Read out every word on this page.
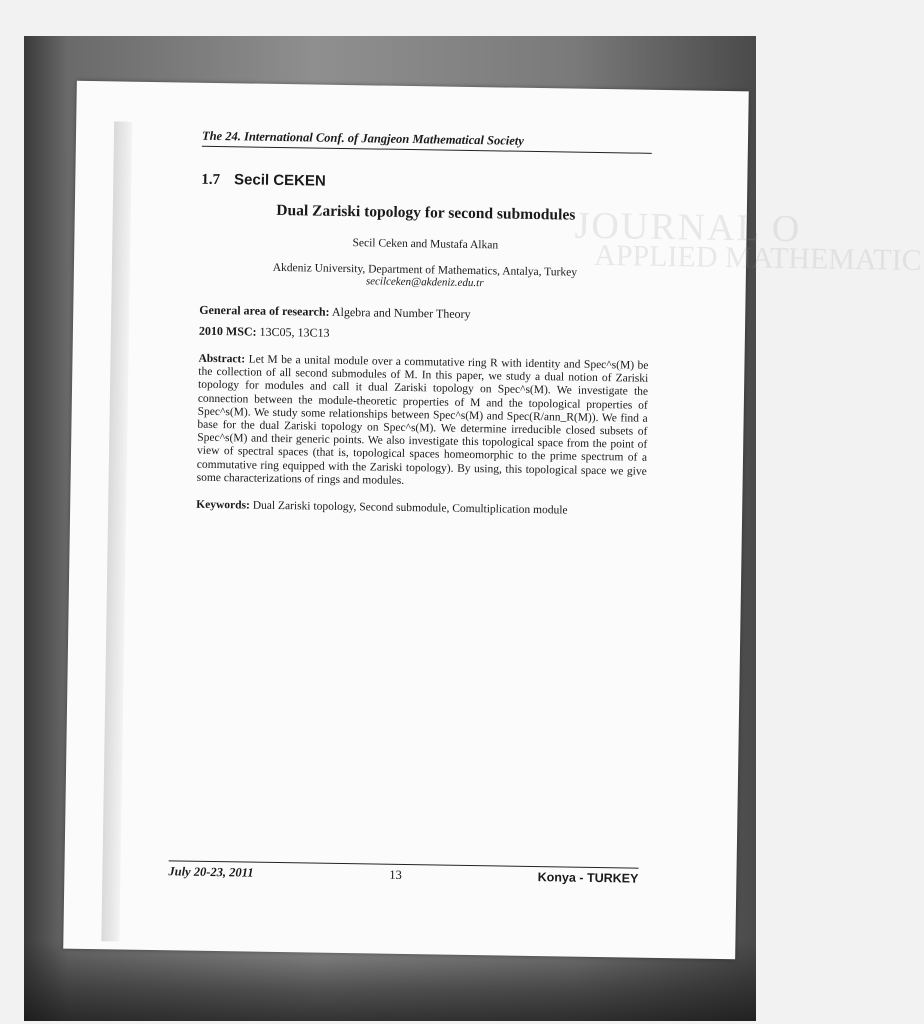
JOURNAL O
APPLIED MATHEMATIC
The 24. International Conf. of Jangjeon Mathematical Society
1.7 Secil CEKEN
Dual Zariski topology for second submodules
Secil Ceken and Mustafa Alkan
Akdeniz University, Department of Mathematics, Antalya, Turkey
secilceken@akdeniz.edu.tr
General area of research: Algebra and Number Theory
2010 MSC: 13C05, 13C13
Abstract: Let M be a unital module over a commutative ring R with identity and Spec^s(M) be the collection of all second submodules of M. In this paper, we study a dual notion of Zariski topology for modules and call it dual Zariski topology on Spec^s(M). We investigate the connection between the module-theoretic properties of M and the topological properties of Spec^s(M). We study some relationships between Spec^s(M) and Spec(R/ann_R(M)). We find a base for the dual Zariski topology on Spec^s(M). We determine irreducible closed subsets of Spec^s(M) and their generic points. We also investigate this topological space from the point of view of spectral spaces (that is, topological spaces homeomorphic to the prime spectrum of a commutative ring equipped with the Zariski topology). By using, this topological space we give some characterizations of rings and modules.
Keywords: Dual Zariski topology, Second submodule, Comultiplication module
July 20-23, 2011	13	Konya - TURKEY
